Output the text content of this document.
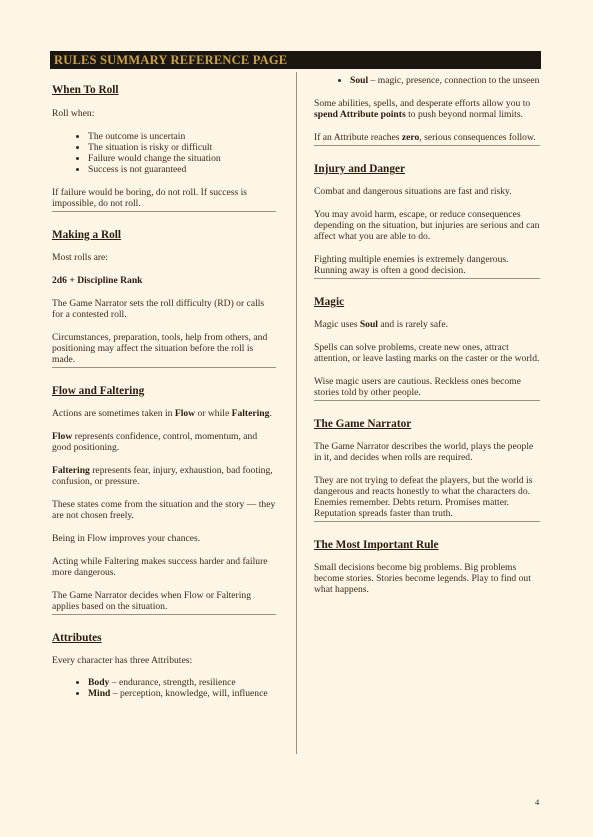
RULES SUMMARY REFERENCE PAGE
When To Roll

Roll when:

• The outcome is uncertain
• The situation is risky or difficult
• Failure would change the situation
• Success is not guaranteed

If failure would be boring, do not roll. If success is impossible, do not roll.

Making a Roll

Most rolls are:

2d6 + Discipline Rank

The Game Narrator sets the roll difficulty (RD) or calls for a contested roll.

Circumstances, preparation, tools, help from others, and positioning may affect the situation before the roll is made.

Flow and Faltering

Actions are sometimes taken in Flow or while Faltering.

Flow represents confidence, control, momentum, and good positioning.

Faltering represents fear, injury, exhaustion, bad footing, confusion, or pressure.

These states come from the situation and the story — they are not chosen freely.

Being in Flow improves your chances.

Acting while Faltering makes success harder and failure more dangerous.

The Game Narrator decides when Flow or Faltering applies based on the situation.

Attributes

Every character has three Attributes:

• Body – endurance, strength, resilience
• Mind – perception, knowledge, will, influence
• Soul – magic, presence, connection to the unseen

Some abilities, spells, and desperate efforts allow you to spend Attribute points to push beyond normal limits.

If an Attribute reaches zero, serious consequences follow.

Injury and Danger

Combat and dangerous situations are fast and risky.

You may avoid harm, escape, or reduce consequences depending on the situation, but injuries are serious and can affect what you are able to do.

Fighting multiple enemies is extremely dangerous. Running away is often a good decision.

Magic

Magic uses Soul and is rarely safe.

Spells can solve problems, create new ones, attract attention, or leave lasting marks on the caster or the world.

Wise magic users are cautious. Reckless ones become stories told by other people.

The Game Narrator

The Game Narrator describes the world, plays the people in it, and decides when rolls are required.

They are not trying to defeat the players, but the world is dangerous and reacts honestly to what the characters do. Enemies remember. Debts return. Promises matter. Reputation spreads faster than truth.

The Most Important Rule

Small decisions become big problems. Big problems become stories. Stories become legends. Play to find out what happens.

4
